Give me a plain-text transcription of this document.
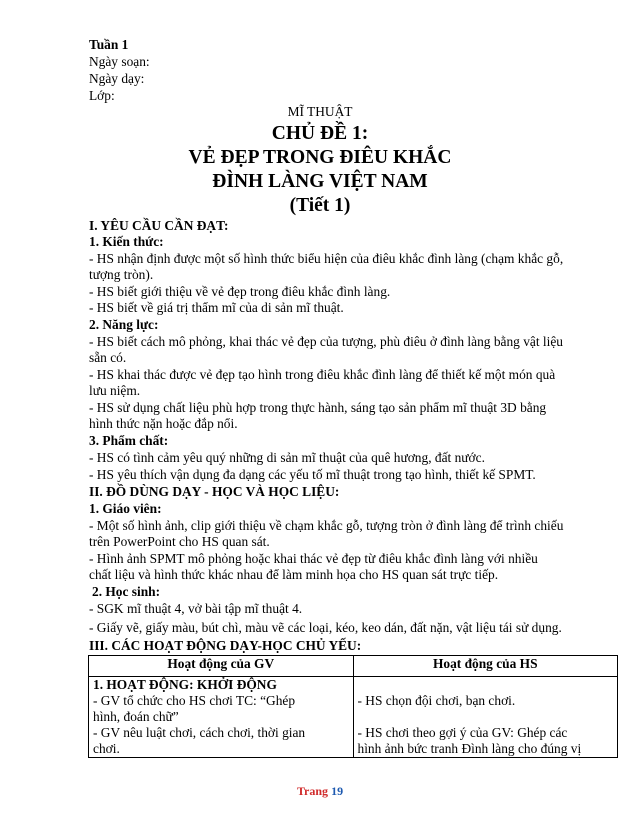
Tuần 1
Ngày soạn:
Ngày dạy:
Lớp:
MĨ THUẬT
CHỦ ĐỀ 1:
VẺ ĐẸP TRONG ĐIÊU KHẮC
ĐÌNH LÀNG VIỆT NAM
(Tiết 1)
I. YÊU CẦU CẦN ĐẠT:
1. Kiến thức:
- HS nhận định được một số hình thức biểu hiện của điêu khắc đình làng (chạm khắc gỗ,
tượng tròn).
- HS biết giới thiệu về vẻ đẹp trong điêu khắc đình làng.
- HS biết về giá trị thẩm mĩ của di sản mĩ thuật.
2. Năng lực:
- HS biết cách mô phỏng, khai thác vẻ đẹp của tượng, phù điêu ở đình làng bằng vật liệu
sẵn có.
- HS khai thác được vẻ đẹp tạo hình trong điêu khắc đình làng để thiết kế một món quà
lưu niệm.
- HS sử dụng chất liệu phù hợp trong thực hành, sáng tạo sản phẩm mĩ thuật 3D bằng
hình thức nặn hoặc đắp nổi.
3. Phẩm chất:
- HS có tình cảm yêu quý những di sản mĩ thuật của quê hương, đất nước.
- HS yêu thích vận dụng đa dạng các yếu tố mĩ thuật trong tạo hình, thiết kế SPMT.
II. ĐỒ DÙNG DẠY - HỌC VÀ HỌC LIỆU:
1. Giáo viên:
- Một số hình ảnh, clip giới thiệu về chạm khắc gỗ, tượng tròn ở đình làng để trình chiếu
trên PowerPoint cho HS quan sát.
- Hình ảnh SPMT mô phỏng hoặc khai thác vẻ đẹp từ điêu khắc đình làng với nhiều
chất liệu và hình thức khác nhau để làm minh họa cho HS quan sát trực tiếp.
2. Học sinh:
- SGK mĩ thuật 4, vở bài tập mĩ thuật 4.
- Giấy vẽ, giấy màu, bút chì, màu vẽ các loại, kéo, keo dán, đất nặn, vật liệu tái sử dụng.
III. CÁC HOẠT ĐỘNG DẠY-HỌC CHỦ YẾU:
Hoạt động của GV	Hoạt động của HS

1. HOẠT ĐỘNG: KHỞI ĐỘNG
- GV tổ chức cho HS chơi TC: “Ghép
hình, đoán chữ”
- GV nêu luật chơi, cách chơi, thời gian
chơi.	- HS chọn đội chơi, bạn chơi.
- HS chơi theo gợi ý của GV: Ghép các
hình ảnh bức tranh Đình làng cho đúng vị
Trang 19
